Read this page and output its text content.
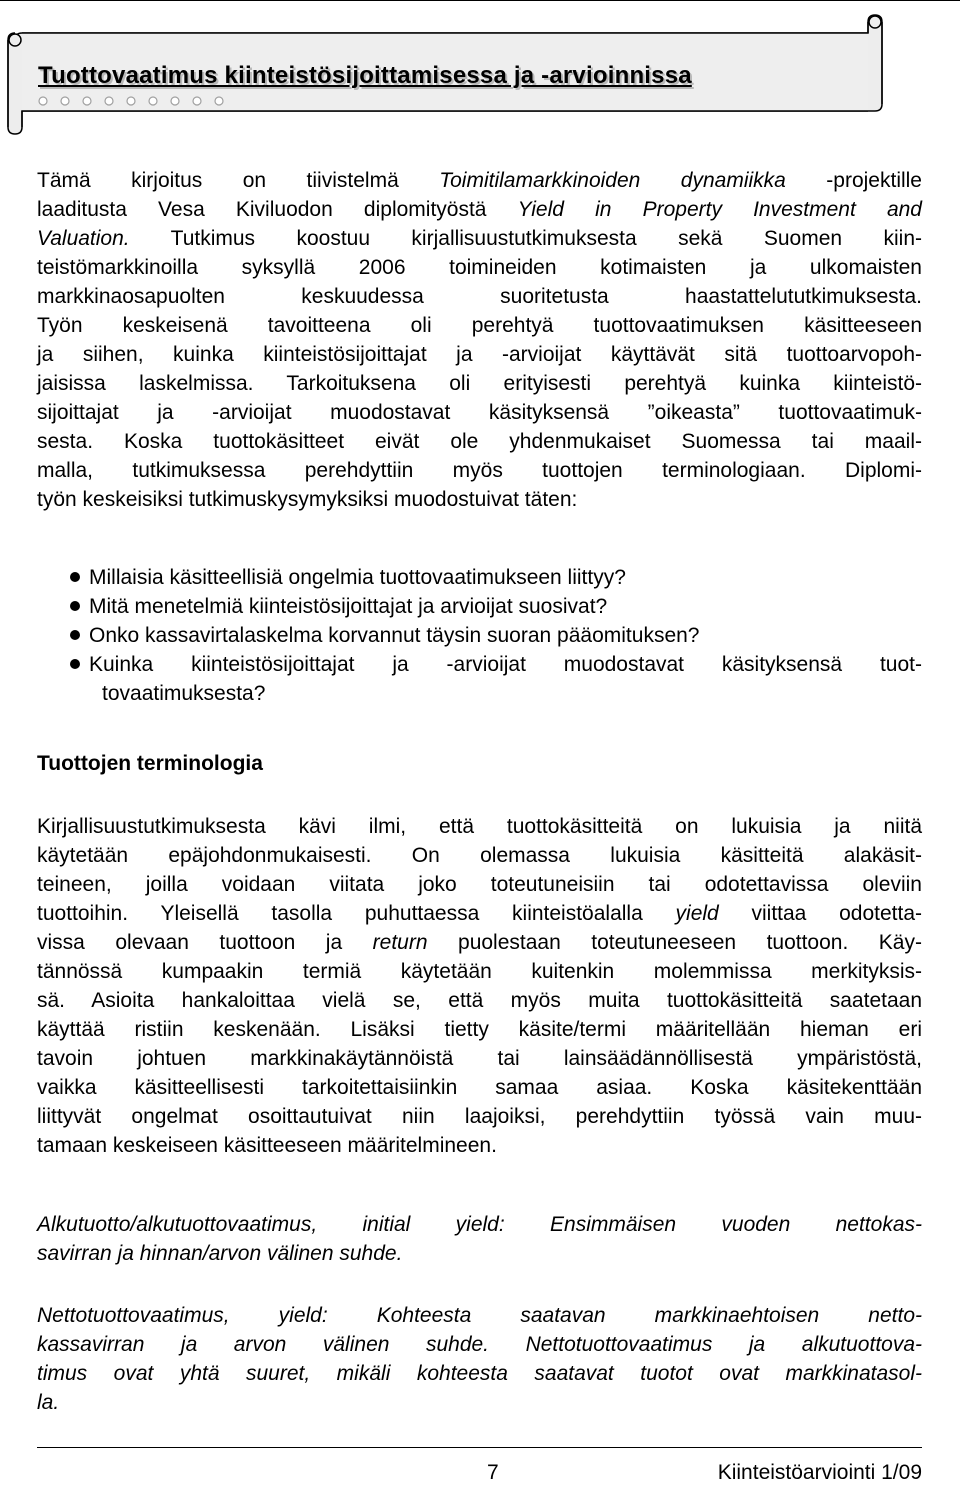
Tuottovaatimus kiinteistösijoittamisessa ja -arvioinnissa

Tämä kirjoitus on tiivistelmä Toimitilamarkkinoiden dynamiikka -projektille

laaditusta Vesa Kiviluodon diplomityöstä Yield in Property Investment and

Valuation. Tutkimus koostuu kirjallisuustutkimuksesta sekä Suomen kiin-

teistömarkkinoilla syksyllä 2006 toimineiden kotimaisten ja ulkomaisten

markkinaosapuolten keskuudessa suoritetusta haastattelututkimuksesta.

Työn keskeisenä tavoitteena oli perehtyä tuottovaatimuksen käsitteeseen

ja siihen, kuinka kiinteistösijoittajat ja -arvioijat käyttävät sitä tuottoarvopoh-

jaisissa laskelmissa. Tarkoituksena oli erityisesti perehtyä kuinka kiinteistö-

sijoittajat ja -arvioijat muodostavat käsityksensä ”oikeasta” tuottovaatimuk-

sesta. Koska tuottokäsitteet eivät ole yhdenmukaiset Suomessa tai maail-

malla, tutkimuksessa perehdyttiin myös tuottojen terminologiaan. Diplomi-

työn keskeisiksi tutkimuskysymyksiksi muodostuivat täten:

Millaisia käsitteellisiä ongelmia tuottovaatimukseen liittyy?
Mitä menetelmiä kiinteistösijoittajat ja arvioijat suosivat?
Onko kassavirtalaskelma korvannut täysin suoran pääomituksen?
Kuinka kiinteistösijoittajat ja -arvioijat muodostavat käsityksensä tuot-
tovaatimuksesta?
Tuottojen terminologia

Kirjallisuustutkimuksesta kävi ilmi, että tuottokäsitteitä on lukuisia ja niitä

käytetään epäjohdonmukaisesti. On olemassa lukuisia käsitteitä alakäsit-

teineen, joilla voidaan viitata joko toteutuneisiin tai odotettavissa oleviin

tuottoihin. Yleisellä tasolla puhuttaessa kiinteistöalalla yield viittaa odotetta-

vissa olevaan tuottoon ja return puolestaan toteutuneeseen tuottoon. Käy-

tännössä kumpaakin termiä käytetään kuitenkin molemmissa merkityksis-

sä. Asioita hankaloittaa vielä se, että myös muita tuottokäsitteitä saatetaan

käyttää ristiin keskenään. Lisäksi tietty käsite/termi määritellään hieman eri

tavoin johtuen markkinakäytännöistä tai lainsäädännöllisestä ympäristöstä,

vaikka käsitteellisesti tarkoitettaisiinkin samaa asiaa. Koska käsitekenttään

liittyvät ongelmat osoittautuivat niin laajoiksi, perehdyttiin työssä vain muu-

tamaan keskeiseen käsitteeseen määritelmineen.

Alkutuotto/alkutuottovaatimus, initial yield: Ensimmäisen vuoden nettokas-

savirran ja hinnan/arvon välinen suhde.

Nettotuottovaatimus, yield: Kohteesta saatavan markkinaehtoisen netto-

kassavirran ja arvon välinen suhde. Nettotuottovaatimus ja alkutuottova-

timus ovat yhtä suuret, mikäli kohteesta saatavat tuotot ovat markkinatasol-

la.

7	Kiinteistöarviointi 1/09
